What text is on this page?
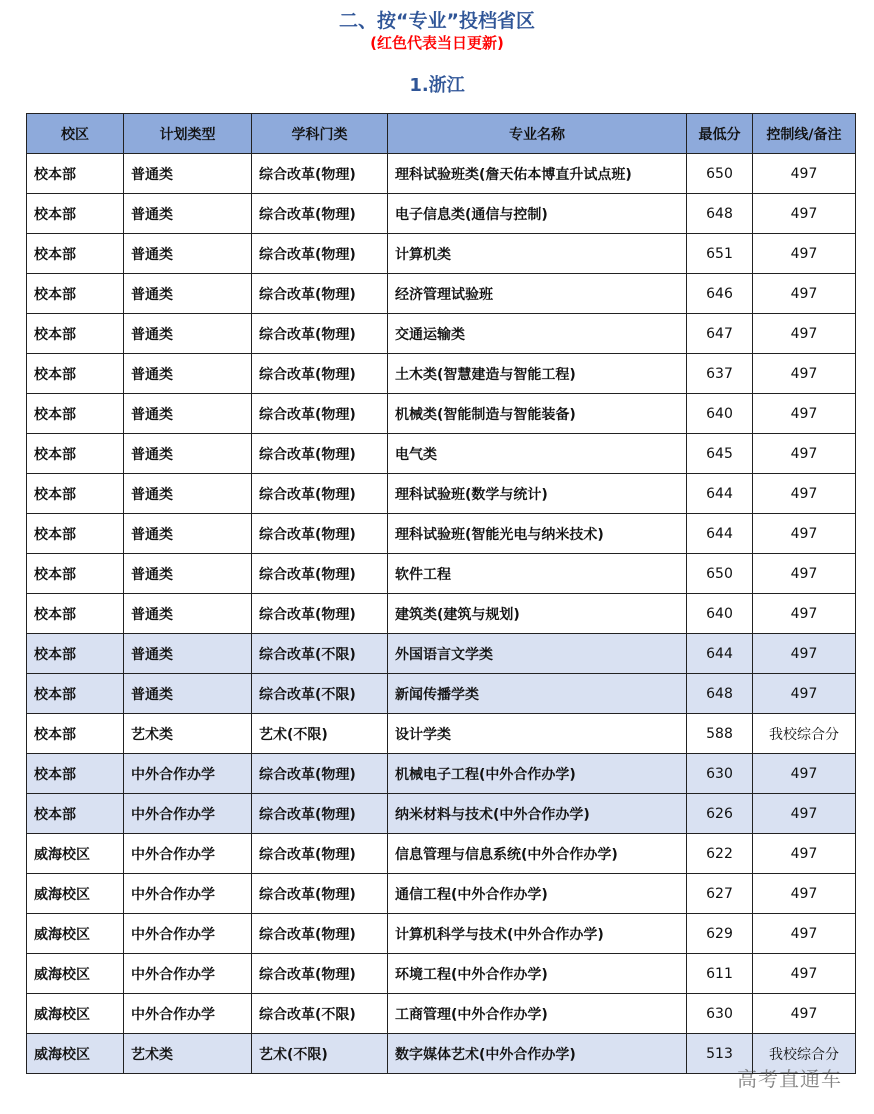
二、按“专业”投档省区
(红色代表当日更新)
1.浙江
校区	计划类型	学科门类	专业名称	最低分	控制线/备注
校本部	普通类	综合改革(物理)	理科试验班类(詹天佑本博直升试点班)	650	497
校本部	普通类	综合改革(物理)	电子信息类(通信与控制)	648	497
校本部	普通类	综合改革(物理)	计算机类	651	497
校本部	普通类	综合改革(物理)	经济管理试验班	646	497
校本部	普通类	综合改革(物理)	交通运输类	647	497
校本部	普通类	综合改革(物理)	土木类(智慧建造与智能工程)	637	497
校本部	普通类	综合改革(物理)	机械类(智能制造与智能装备)	640	497
校本部	普通类	综合改革(物理)	电气类	645	497
校本部	普通类	综合改革(物理)	理科试验班(数学与统计)	644	497
校本部	普通类	综合改革(物理)	理科试验班(智能光电与纳米技术)	644	497
校本部	普通类	综合改革(物理)	软件工程	650	497
校本部	普通类	综合改革(物理)	建筑类(建筑与规划)	640	497
校本部	普通类	综合改革(不限)	外国语言文学类	644	497
校本部	普通类	综合改革(不限)	新闻传播学类	648	497
校本部	艺术类	艺术(不限)	设计学类	588	我校综合分
校本部	中外合作办学	综合改革(物理)	机械电子工程(中外合作办学)	630	497
校本部	中外合作办学	综合改革(物理)	纳米材料与技术(中外合作办学)	626	497
威海校区	中外合作办学	综合改革(物理)	信息管理与信息系统(中外合作办学)	622	497
威海校区	中外合作办学	综合改革(物理)	通信工程(中外合作办学)	627	497
威海校区	中外合作办学	综合改革(物理)	计算机科学与技术(中外合作办学)	629	497
威海校区	中外合作办学	综合改革(物理)	环境工程(中外合作办学)	611	497
威海校区	中外合作办学	综合改革(不限)	工商管理(中外合作办学)	630	497
威海校区	艺术类	艺术(不限)	数字媒体艺术(中外合作办学)	513	我校综合分
高考直通车
